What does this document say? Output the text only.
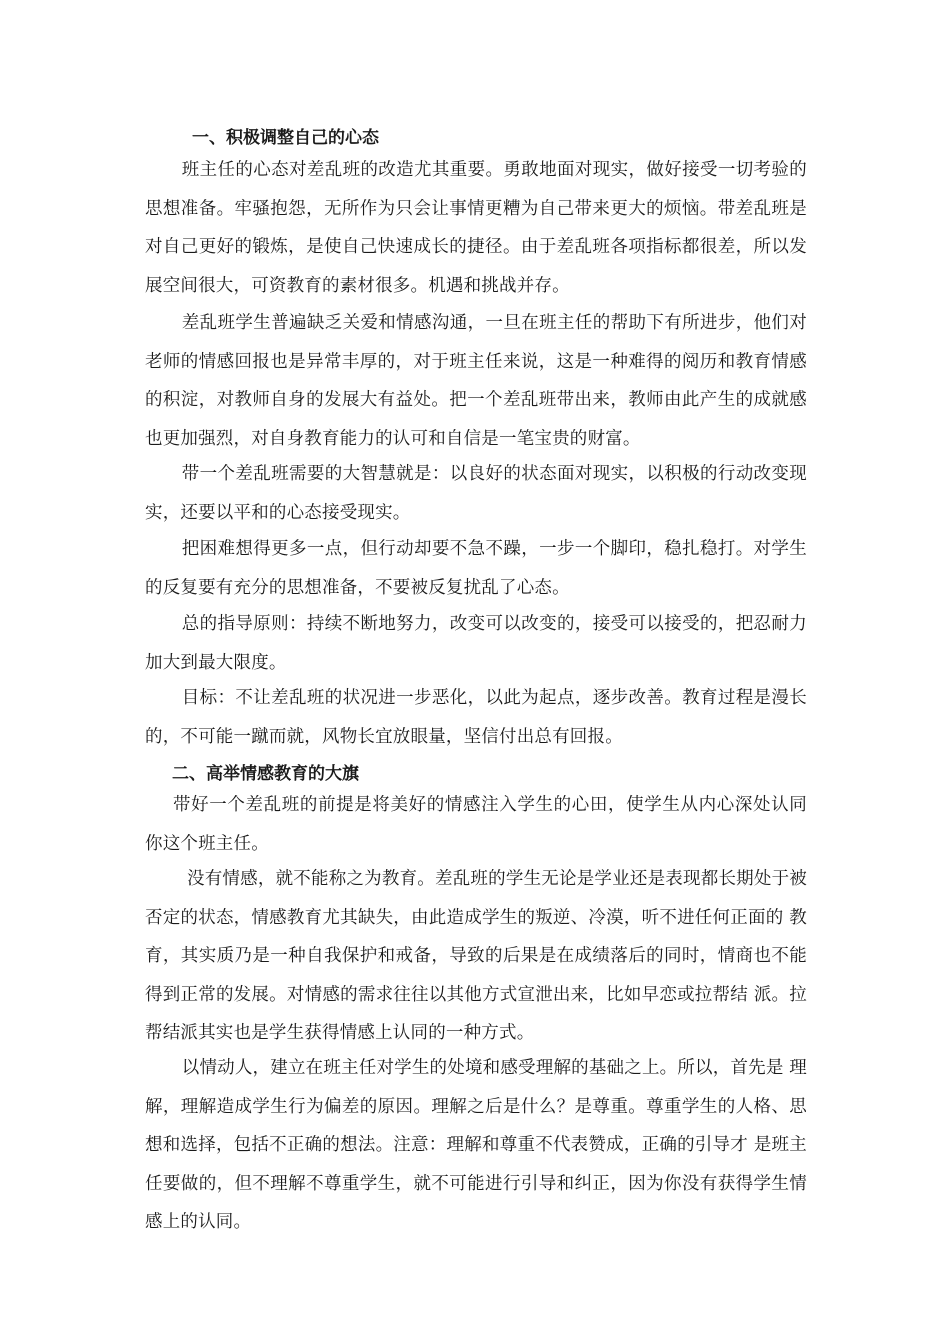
一、积极调整自己的心态

班主任的心态对差乱班的改造尤其重要。勇敢地面对现实，做好接受一切考验的思想准备。牢骚抱怨，无所作为只会让事情更糟为自己带来更大的烦恼。带差乱班是对自己更好的锻炼，是使自己快速成长的捷径。由于差乱班各项指标都很差，所以发展空间很大，可资教育的素材很多。机遇和挑战并存。

差乱班学生普遍缺乏关爱和情感沟通，一旦在班主任的帮助下有所进步，他们对老师的情感回报也是异常丰厚的，对于班主任来说，这是一种难得的阅历和教育情感的积淀，对教师自身的发展大有益处。把一个差乱班带出来，教师由此产生的成就感也更加强烈，对自身教育能力的认可和自信是一笔宝贵的财富。

带一个差乱班需要的大智慧就是：以良好的状态面对现实，以积极的行动改变现实，还要以平和的心态接受现实。

把困难想得更多一点，但行动却要不急不躁，一步一个脚印，稳扎稳打。对学生的反复要有充分的思想准备，不要被反复扰乱了心态。

总的指导原则：持续不断地努力，改变可以改变的，接受可以接受的，把忍耐力加大到最大限度。

目标：不让差乱班的状况进一步恶化，以此为起点，逐步改善。教育过程是漫长的，不可能一蹴而就，风物长宜放眼量，坚信付出总有回报。

二、高举情感教育的大旗

带好一个差乱班的前提是将美好的情感注入学生的心田，使学生从内心深处认同你这个班主任。

没有情感，就不能称之为教育。差乱班的学生无论是学业还是表现都长期处于被否定的状态，情感教育尤其缺失，由此造成学生的叛逆、冷漠，听不进任何正面的 教育，其实质乃是一种自我保护和戒备，导致的后果是在成绩落后的同时，情商也不能得到正常的发展。对情感的需求往往以其他方式宣泄出来，比如早恋或拉帮结 派。拉帮结派其实也是学生获得情感上认同的一种方式。

以情动人，建立在班主任对学生的处境和感受理解的基础之上。所以，首先是 理解，理解造成学生行为偏差的原因。理解之后是什么？是尊重。尊重学生的人格、思想和选择，包括不正确的想法。注意：理解和尊重不代表赞成，正确的引导才 是班主任要做的，但不理解不尊重学生，就不可能进行引导和纠正，因为你没有获得学生情感上的认同。
